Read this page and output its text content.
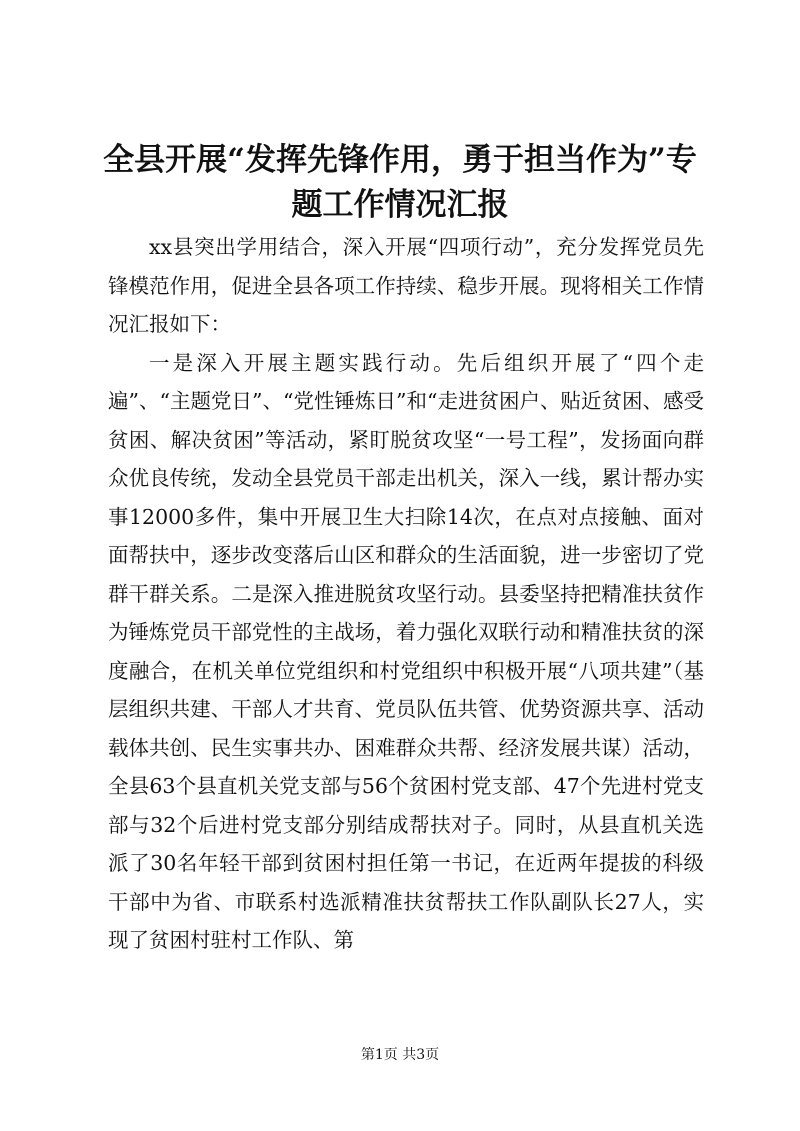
全县开展“发挥先锋作用，勇于担当作为”专题工作情况汇报

xx县突出学用结合，深入开展“四项行动”，充分发挥党员先锋模范作用，促进全县各项工作持续、稳步开展。现将相关工作情况汇报如下：

一是深入开展主题实践行动。先后组织开展了“四个走遍”、“主题党日”、“党性锤炼日”和“走进贫困户、贴近贫困、感受贫困、解决贫困”等活动，紧盯脱贫攻坚“一号工程”，发扬面向群众优良传统，发动全县党员干部走出机关，深入一线，累计帮办实事12000多件，集中开展卫生大扫除14次，在点对点接触、面对面帮扶中，逐步改变落后山区和群众的生活面貌，进一步密切了党群干群关系。二是深入推进脱贫攻坚行动。县委坚持把精准扶贫作为锤炼党员干部党性的主战场，着力强化双联行动和精准扶贫的深度融合，在机关单位党组织和村党组织中积极开展“八项共建”（基层组织共建、干部人才共育、党员队伍共管、优势资源共享、活动载体共创、民生实事共办、困难群众共帮、经济发展共谋）活动，全县63个县直机关党支部与56个贫困村党支部、47个先进村党支部与32个后进村党支部分别结成帮扶对子。同时，从县直机关选派了30名年轻干部到贫困村担任第一书记，在近两年提拔的科级干部中为省、市联系村选派精准扶贫帮扶工作队副队长27人，实现了贫困村驻村工作队、第

第1页 共3页
